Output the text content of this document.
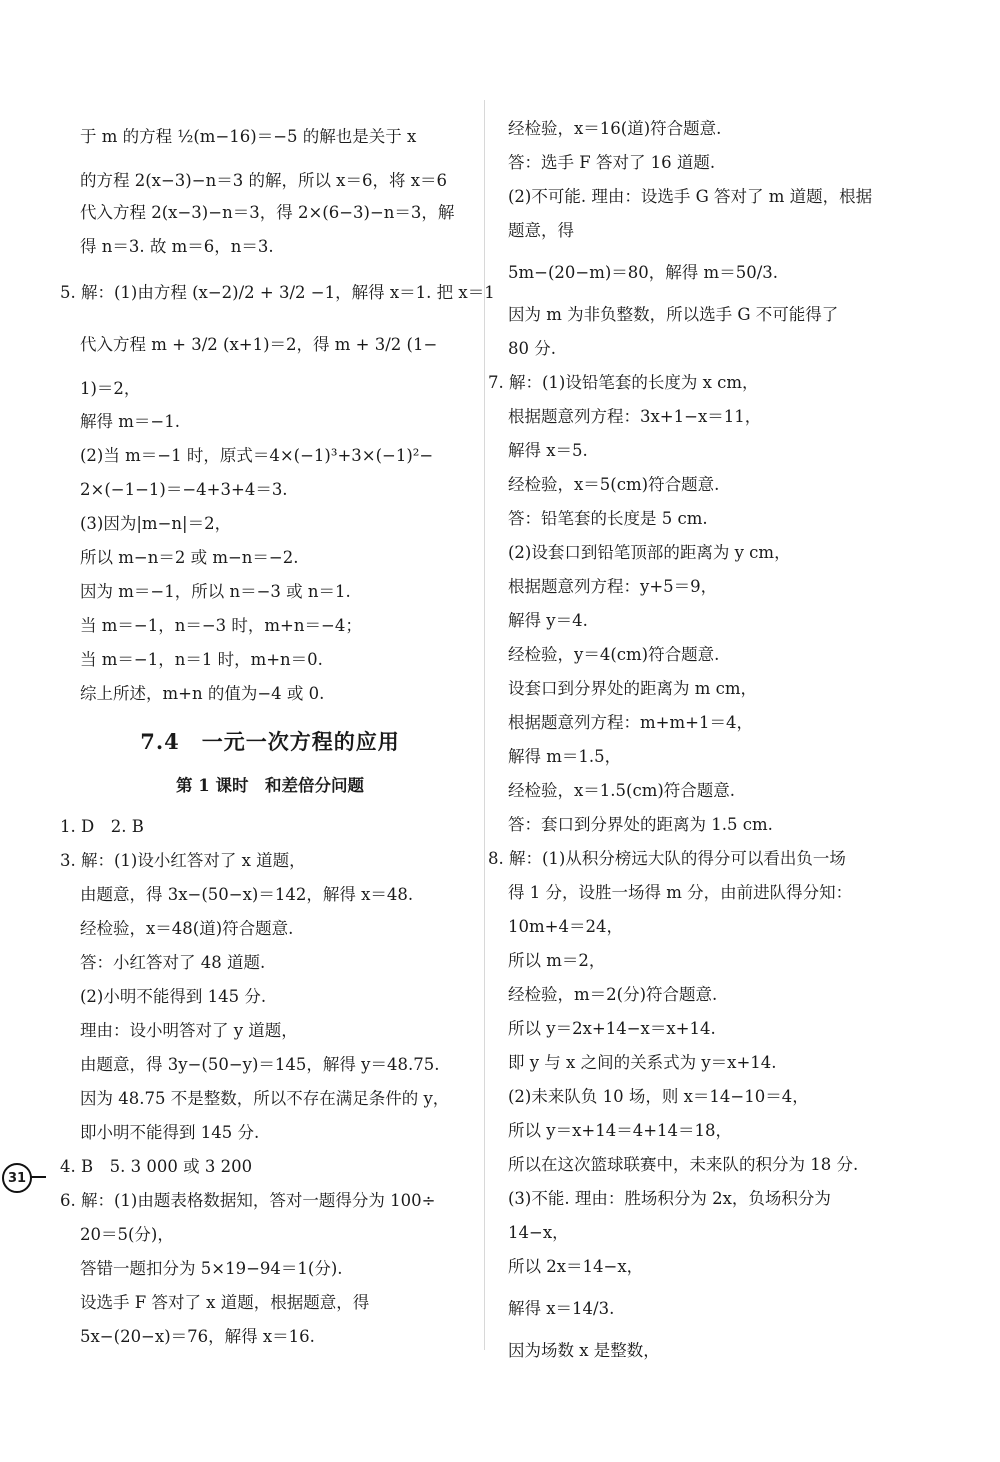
于 m 的方程 ½(m−16)＝−5 的解也是关于 x
的方程 2(x−3)−n＝3 的解，所以 x＝6，将 x＝6
代入方程 2(x−3)−n＝3，得 2×(6−3)−n＝3，解
得 n＝3. 故 m＝6，n＝3.
5. 解：(1)由方程 (x−2)/2 + 3/2 −1，解得 x＝1. 把 x＝1
代入方程 m + 3/2 (x+1)＝2，得 m + 3/2 (1−
1)＝2，
解得 m＝−1.
(2)当 m＝−1 时，原式＝4×(−1)³+3×(−1)²−
2×(−1−1)＝−4+3+4＝3.
(3)因为|m−n|＝2，
所以 m−n＝2 或 m−n＝−2.
因为 m＝−1，所以 n＝−3 或 n＝1.
当 m＝−1，n＝−3 时，m+n＝−4；
当 m＝−1，n＝1 时，m+n＝0.
综上所述，m+n 的值为−4 或 0.
1. D　2. B
3. 解：(1)设小红答对了 x 道题，
由题意，得 3x−(50−x)＝142，解得 x＝48.
经检验，x＝48(道)符合题意.
答：小红答对了 48 道题.
(2)小明不能得到 145 分.
理由：设小明答对了 y 道题，
由题意，得 3y−(50−y)＝145，解得 y＝48.75.
因为 48.75 不是整数，所以不存在满足条件的 y，
即小明不能得到 145 分.
4. B　5. 3 000 或 3 200
6. 解：(1)由题表格数据知，答对一题得分为 100÷
20＝5(分)，
答错一题扣分为 5×19−94＝1(分).
设选手 F 答对了 x 道题，根据题意，得
5x−(20−x)＝76，解得 x＝16.
经检验，x＝16(道)符合题意.
答：选手 F 答对了 16 道题.
(2)不可能. 理由：设选手 G 答对了 m 道题，根据
题意，得
5m−(20−m)＝80，解得 m＝50/3.
因为 m 为非负整数，所以选手 G 不可能得了
80 分.
7. 解：(1)设铅笔套的长度为 x cm，
根据题意列方程：3x+1−x＝11，
解得 x＝5.
经检验，x＝5(cm)符合题意.
答：铅笔套的长度是 5 cm.
(2)设套口到铅笔顶部的距离为 y cm，
根据题意列方程：y+5＝9，
解得 y＝4.
经检验，y＝4(cm)符合题意.
设套口到分界处的距离为 m cm，
根据题意列方程：m+m+1＝4，
解得 m＝1.5，
经检验，x＝1.5(cm)符合题意.
答：套口到分界处的距离为 1.5 cm.
8. 解：(1)从积分榜远大队的得分可以看出负一场
得 1 分，设胜一场得 m 分，由前进队得分知：
10m+4＝24，
所以 m＝2，
经检验，m＝2(分)符合题意.
所以 y＝2x+14−x＝x+14.
即 y 与 x 之间的关系式为 y＝x+14.
(2)未来队负 10 场，则 x＝14−10＝4，
所以 y＝x+14＝4+14＝18，
所以在这次篮球联赛中，未来队的积分为 18 分.
(3)不能. 理由：胜场积分为 2x，负场积分为
14−x，
所以 2x＝14−x，
解得 x＝14/3.
因为场数 x 是整数，
7.4　一元一次方程的应用
第 1 课时　和差倍分问题
31
